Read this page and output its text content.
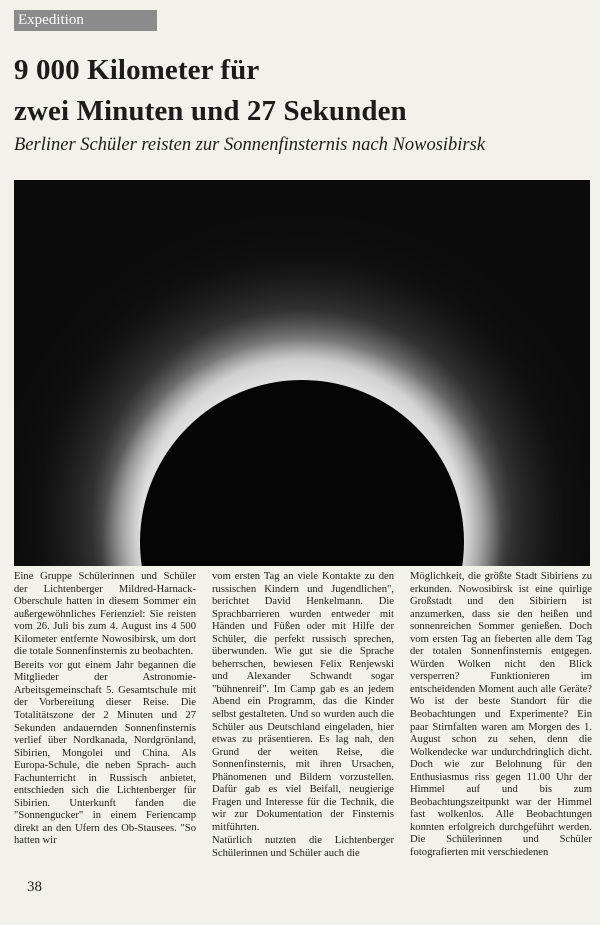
Expedition
9 000 Kilometer für
zwei Minuten und 27 Sekunden

Berliner Schüler reisten zur Sonnenfinsternis nach Nowosibirsk

Eine Gruppe Schülerinnen und Schüler der Lichtenberger Mildred-Harnack-Oberschule hatten in diesem Sommer ein außergewöhnliches Ferienziel: Sie reisten vom 26. Juli bis zum 4. August ins 4 500 Kilometer entfernte Nowosibirsk, um dort die totale Sonnenfinsternis zu beobachten.

Bereits vor gut einem Jahr begannen die Mitglieder der Astronomie-Arbeitsgemeinschaft 5. Gesamtschule mit der Vorbereitung dieser Reise. Die Totalitätszone der 2 Minuten und 27 Sekunden andauernden Sonnenfinsternis verlief über Nordkanada, Nordgrönland, Sibirien, Mongolei und China. Als Europa-Schule, die neben Sprach- auch Fachunterricht in Russisch anbietet, entschieden sich die Lichtenberger für Sibirien. Unterkunft fanden die "Sonnengucker" in einem Feriencamp direkt an den Ufern des Ob-Stausees. "So hatten wir

vom ersten Tag an viele Kontakte zu den russischen Kindern und Jugendlichen", berichtet David Henkelmann. Die Sprachbarrieren wurden entweder mit Händen und Füßen oder mit Hilfe der Schüler, die perfekt russisch sprechen, überwunden. Wie gut sie die Sprache beherrschen, bewiesen Felix Renjewski und Alexander Schwandt sogar "bühnenreif". Im Camp gab es an jedem Abend ein Programm, das die Kinder selbst gestalteten. Und so wurden auch die Schüler aus Deutschland eingeladen, hier etwas zu präsentieren. Es lag nah, den Grund der weiten Reise, die Sonnenfinsternis, mit ihren Ursachen, Phänomenen und Bildern vorzustellen. Dafür gab es viel Beifall, neugierige Fragen und Interesse für die Technik, die wir zur Dokumentation der Finsternis mitführten.

Natürlich nutzten die Lichtenberger Schülerinnen und Schüler auch die

Möglichkeit, die größte Stadt Sibiriens zu erkunden. Nowosibirsk ist eine quirlige Großstadt und den Sibiriern ist anzumerken, dass sie den heißen und sonnenreichen Sommer genießen. Doch vom ersten Tag an fieberten alle dem Tag der totalen Sonnenfinsternis entgegen. Würden Wolken nicht den Blick versperren? Funktionieren im entscheidenden Moment auch alle Geräte? Wo ist der beste Standort für die Beobachtungen und Experimente? Ein paar Stirnfalten waren am Morgen des 1. August schon zu sehen, denn die Wolkendecke war undurchdringlich dicht. Doch wie zur Belohnung für den Enthusiasmus riss gegen 11.00 Uhr der Himmel auf und bis zum Beobachtungszeitpunkt war der Himmel fast wolkenlos. Alle Beobachtungen konnten erfolgreich durchgeführt werden. Die Schülerinnen und Schüler fotografierten mit verschiedenen

38
